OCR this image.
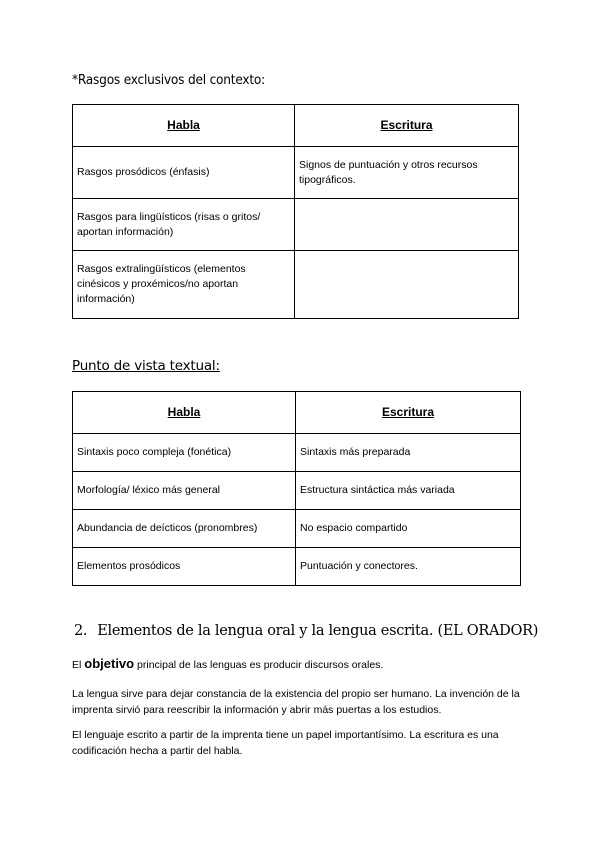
*Rasgos exclusivos del contexto:
Habla	Escritura
Rasgos prosódicos (énfasis)	Signos de puntuación y otros recursos tipográficos.
Rasgos para lingüísticos (risas o gritos/ aportan información)	
Rasgos extralingüísticos (elementos cinésicos y proxémicos/no aportan información)	
Punto de vista textual:
Habla	Escritura
Sintaxis poco compleja (fonética)	Sintaxis más preparada
Morfología/ léxico más general	Estructura sintáctica más variada
Abundancia de deícticos (pronombres)	No espacio compartido
Elementos prosódicos	Puntuación y conectores.
2. Elementos de la lengua oral y la lengua escrita. (EL ORADOR)
El objetivo principal de las lenguas es producir discursos orales.
La lengua sirve para dejar constancia de la existencia del propio ser humano. La invención de la imprenta sirvió para reescribir la información y abrir más puertas a los estudios.
El lenguaje escrito a partir de la imprenta tiene un papel importantísimo. La escritura es una codificación hecha a partir del habla.
